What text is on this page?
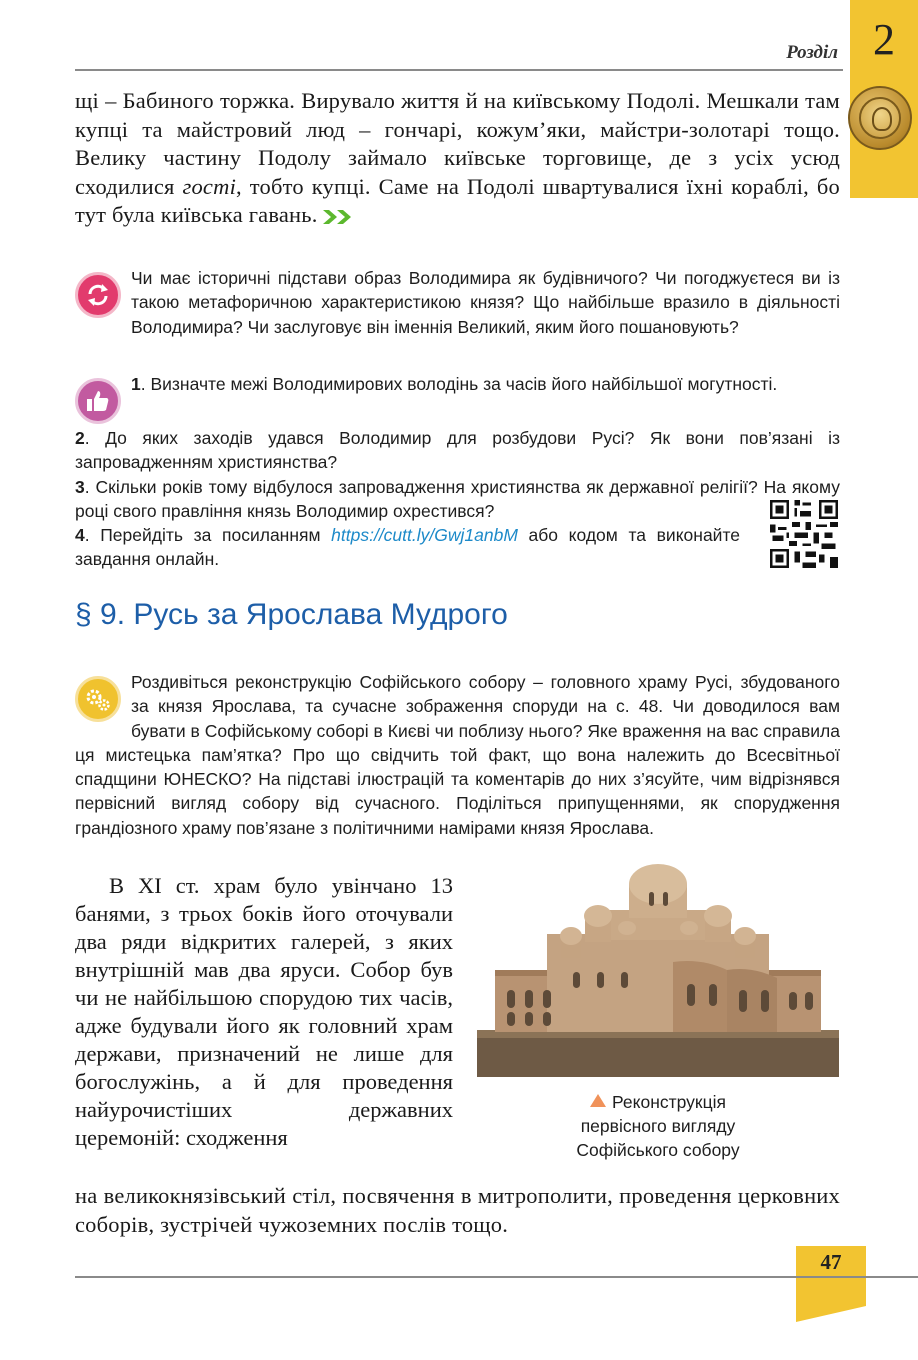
2
Розділ
щі – Бабиного торжка. Вирувало життя й на київському Подолі. Мешкали там купці та майстровий люд – гончарі, кожум’яки, майстри-золотарі тощо. Велику частину Подолу займало київське торговище, де з усіх усюд сходилися гості, тобто купці. Саме на Подолі швартувалися їхні кораблі, бо тут була київська гавань.
Чи має історичні підстави образ Володимира як будівничого? Чи погоджуєтеся ви із такою метафоричною характеристикою князя? Що найбільше вразило в діяльності Володимира? Чи заслуговує він іменнія Великий, яким його пошановують?
1. Визначте межі Володимирових володінь за часів його найбільшої могутності.
2. До яких заходів удався Володимир для розбудови Русі? Як вони пов’язані із запровадженням християнства?
3. Скільки років тому відбулося запровадження християнства як державної релігії? На якому році свого правління князь Володимир охрестився?
4. Перейдіть за посиланням https://cutt.ly/Gwj1anbM або кодом та виконайте завдання онлайн.
§ 9. Русь за Ярослава Мудрого
Роздивіться реконструкцію Софійського собору – головного храму Русі, збудованого за князя Ярослава, та сучасне зображення споруди на с. 48. Чи доводилося вам бувати в Софійському соборі в Києві чи поблизу нього? Яке враження на вас справила ця мистецька пам’ятка? Про що свідчить той факт, що вона належить до Всесвітньої спадщини ЮНЕСКО? На підставі ілюстрацій та коментарів до них з’ясуйте, чим відрізнявся первісний вигляд собору від сучасного. Поділіться припущеннями, як спорудження грандіозного храму пов’язане з політичними намірами князя Ярослава.
В XI ст. храм було увінчано 13 банями, з трьох боків його оточували два ряди відкритих галерей, з яких внутрішній мав два яруси. Собор був чи не найбільшою спорудою тих часів, адже будували його як головний храм держави, призначений не лише для богослужінь, а й для проведення найурочистіших державних церемоній: сходження
на великокнязівський стіл, посвячення в митрополити, проведення церковних соборів, зустрічей чужоземних послів тощо.
Реконструкція
первісного вигляду
Софійського собору
47
